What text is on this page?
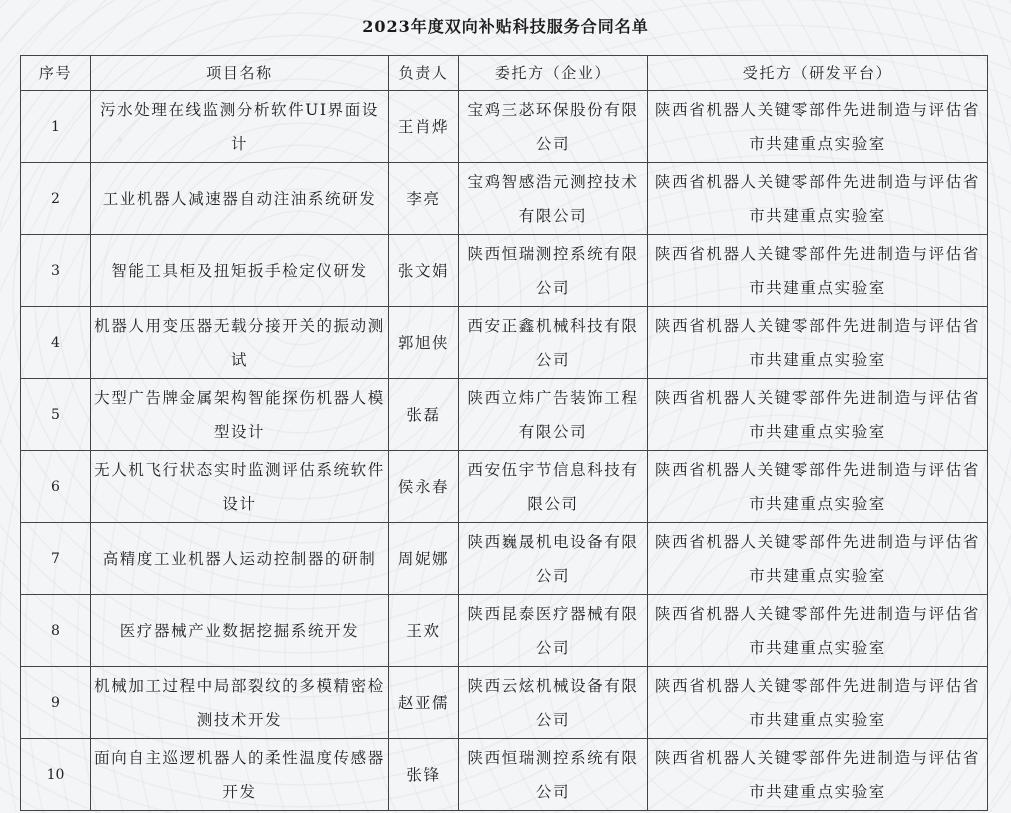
2023年度双向补贴科技服务合同名单
序号	项目名称	负责人	委托方（企业）	受托方（研发平台）
1	污水处理在线监测分析软件UI界面设计	王肖烨	宝鸡三苾环保股份有限公司	陕西省机器人关键零部件先进制造与评估省市共建重点实验室
2	工业机器人减速器自动注油系统研发	李亮	宝鸡智感浩元测控技术有限公司	陕西省机器人关键零部件先进制造与评估省市共建重点实验室
3	智能工具柜及扭矩扳手检定仪研发	张文娟	陕西恒瑞测控系统有限公司	陕西省机器人关键零部件先进制造与评估省市共建重点实验室
4	机器人用变压器无载分接开关的振动测试	郭旭侠	西安正鑫机械科技有限公司	陕西省机器人关键零部件先进制造与评估省市共建重点实验室
5	大型广告牌金属架构智能探伤机器人模型设计	张磊	陕西立炜广告装饰工程有限公司	陕西省机器人关键零部件先进制造与评估省市共建重点实验室
6	无人机飞行状态实时监测评估系统软件设计	侯永春	西安伍宇节信息科技有限公司	陕西省机器人关键零部件先进制造与评估省市共建重点实验室
7	高精度工业机器人运动控制器的研制	周妮娜	陕西巍晟机电设备有限公司	陕西省机器人关键零部件先进制造与评估省市共建重点实验室
8	医疗器械产业数据挖掘系统开发	王欢	陕西昆泰医疗器械有限公司	陕西省机器人关键零部件先进制造与评估省市共建重点实验室
9	机械加工过程中局部裂纹的多模精密检测技术开发	赵亚儒	陕西云炫机械设备有限公司	陕西省机器人关键零部件先进制造与评估省市共建重点实验室
10	面向自主巡逻机器人的柔性温度传感器开发	张锋	陕西恒瑞测控系统有限公司	陕西省机器人关键零部件先进制造与评估省市共建重点实验室
